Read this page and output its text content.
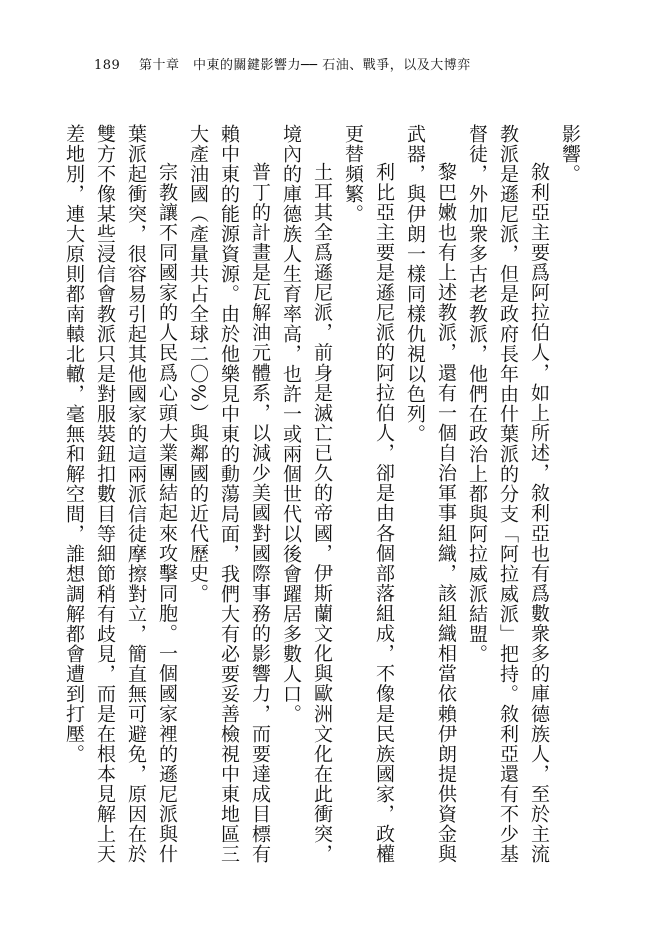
189 第十章　中東的關鍵影響力── 石油、戰爭，以及大博弈

影響。

敘利亞主要爲阿拉伯人，如上所述，敘利亞也有爲數衆多的庫德族人，至於主流教派是遜尼派，但是政府長年由什葉派的分支「阿拉威派」把持。敘利亞還有不少基督徒，外加衆多古老教派，他們在政治上都與阿拉威派結盟。

黎巴嫩也有上述教派，還有一個自治軍事組織，該組織相當依賴伊朗提供資金與武器，與伊朗一樣同樣仇視以色列。

利比亞主要是遜尼派的阿拉伯人，卻是由各個部落組成，不像是民族國家，政權更替頻繁。

土耳其全爲遜尼派，前身是滅亡已久的帝國，伊斯蘭文化與歐洲文化在此衝突，境內的庫德族人生育率高，也許一或兩個世代以後會躍居多數人口。

普丁的計畫是瓦解油元體系，以減少美國對國際事務的影響力，而要達成目標有賴中東的能源資源。由於他樂見中東的動蕩局面，我們大有必要妥善檢視中東地區三大產油國（產量共占全球二〇%）與鄰國的近代歷史。

宗教讓不同國家的人民爲心頭大業團結起來攻擊同胞。一個國家裡的遜尼派與什葉派起衝突，很容易引起其他國家的這兩派信徒摩擦對立，簡直無可避免，原因在於雙方不像某些浸信會教派只是對服裝鈕扣數目等細節稍有歧見，而是在根本見解上天差地別，連大原則都南轅北轍，毫無和解空間，誰想調解都會遭到打壓。
